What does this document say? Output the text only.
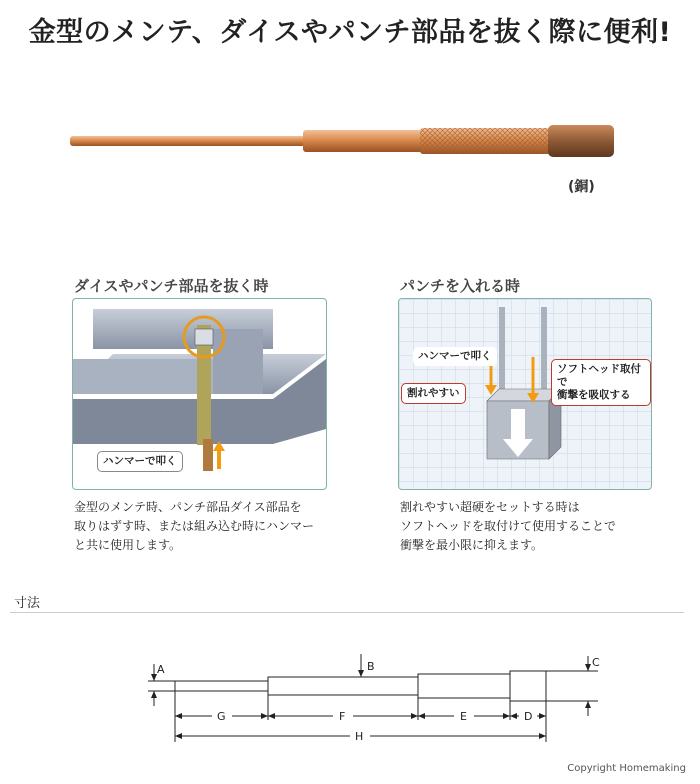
金型のメンテ、ダイスやパンチ部品を抜く際に便利!
(銅)
ダイスやパンチ部品を抜く時
ハンマーで叩く
金型のメンテ時、パンチ部品ダイス部品を
取りはずす時、または組み込む時にハンマー
と共に使用します。
パンチを入れる時
ハンマーで叩く
割れやすい
ソフトヘッド取付で
衝撃を吸収する
割れやすい超硬をセットする時は
ソフトヘッドを取付けて使用することで
衝撃を最小限に抑えます。
寸法
A	B	C
G	F	E	D
H
Copyright Homemaking
